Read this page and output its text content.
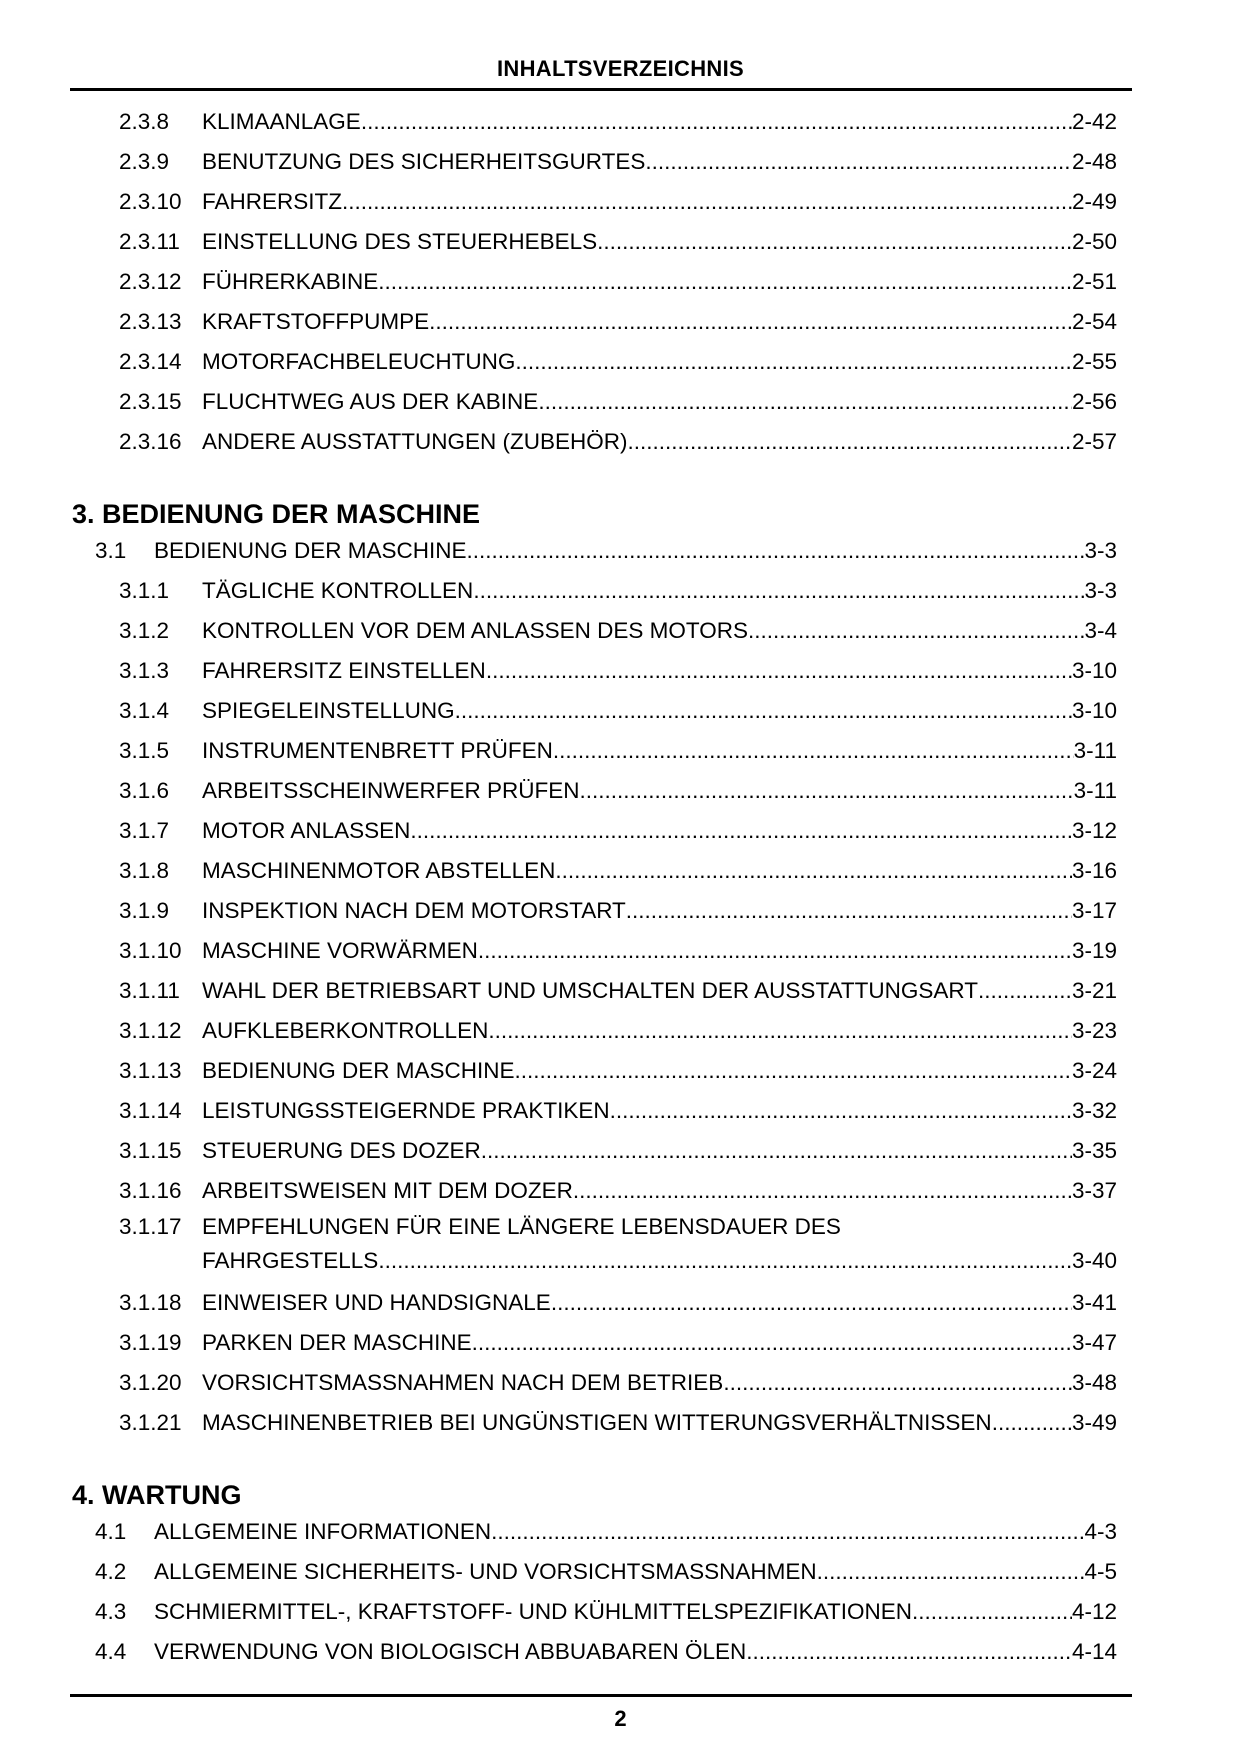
INHALTSVERZEICHNIS
2.3.8 KLIMAANLAGE .....	2-42
2.3.9 BENUTZUNG DES SICHERHEITSGURTES .....	2-48
2.3.10 FAHRERSITZ .....	2-49
2.3.11 EINSTELLUNG DES STEUERHEBELS .....	2-50
2.3.12 FÜHRERKABINE .....	2-51
2.3.13 KRAFTSTOFFPUMPE .....	2-54
2.3.14 MOTORFACHBELEUCHTUNG .....	2-55
2.3.15 FLUCHTWEG AUS DER KABINE .....	2-56
2.3.16 ANDERE AUSSTATTUNGEN (ZUBEHÖR) .....	2-57
3. BEDIENUNG DER MASCHINE
3.1 BEDIENUNG DER MASCHINE .....	3-3
3.1.1 TÄGLICHE KONTROLLEN .....	3-3
3.1.2 KONTROLLEN VOR DEM ANLASSEN DES MOTORS .....	3-4
3.1.3 FAHRERSITZ EINSTELLEN .....	3-10
3.1.4 SPIEGELEINSTELLUNG .....	3-10
3.1.5 INSTRUMENTENBRETT PRÜFEN .....	3-11
3.1.6 ARBEITSSCHEINWERFER PRÜFEN .....	3-11
3.1.7 MOTOR ANLASSEN .....	3-12
3.1.8 MASCHINENMOTOR ABSTELLEN .....	3-16
3.1.9 INSPEKTION NACH DEM MOTORSTART .....	3-17
3.1.10 MASCHINE VORWÄRMEN .....	3-19
3.1.11 WAHL DER BETRIEBSART UND UMSCHALTEN DER AUSSTATTUNGSART .....	3-21
3.1.12 AUFKLEBERKONTROLLEN .....	3-23
3.1.13 BEDIENUNG DER MASCHINE .....	3-24
3.1.14 LEISTUNGSSTEIGERNDE PRAKTIKEN .....	3-32
3.1.15 STEUERUNG DES DOZER .....	3-35
3.1.16 ARBEITSWEISEN MIT DEM DOZER .....	3-37
3.1.17 EMPFEHLUNGEN FÜR EINE LÄNGERE LEBENSDAUER DES
FAHRGESTELLS .....	3-40
3.1.18 EINWEISER UND HANDSIGNALE .....	3-41
3.1.19 PARKEN DER MASCHINE .....	3-47
3.1.20 VORSICHTSMASSNAHMEN NACH DEM BETRIEB .....	3-48
3.1.21 MASCHINENBETRIEB BEI UNGÜNSTIGEN WITTERUNGSVERHÄLTNISSEN .....	3-49
4. WARTUNG
4.1 ALLGEMEINE INFORMATIONEN .....	4-3
4.2 ALLGEMEINE SICHERHEITS- UND VORSICHTSMASSNAHMEN .....	4-5
4.3 SCHMIERMITTEL-, KRAFTSTOFF- UND KÜHLMITTELSPEZIFIKATIONEN .....	4-12
4.4 VERWENDUNG VON BIOLOGISCH ABBUABAREN ÖLEN .....	4-14
2
